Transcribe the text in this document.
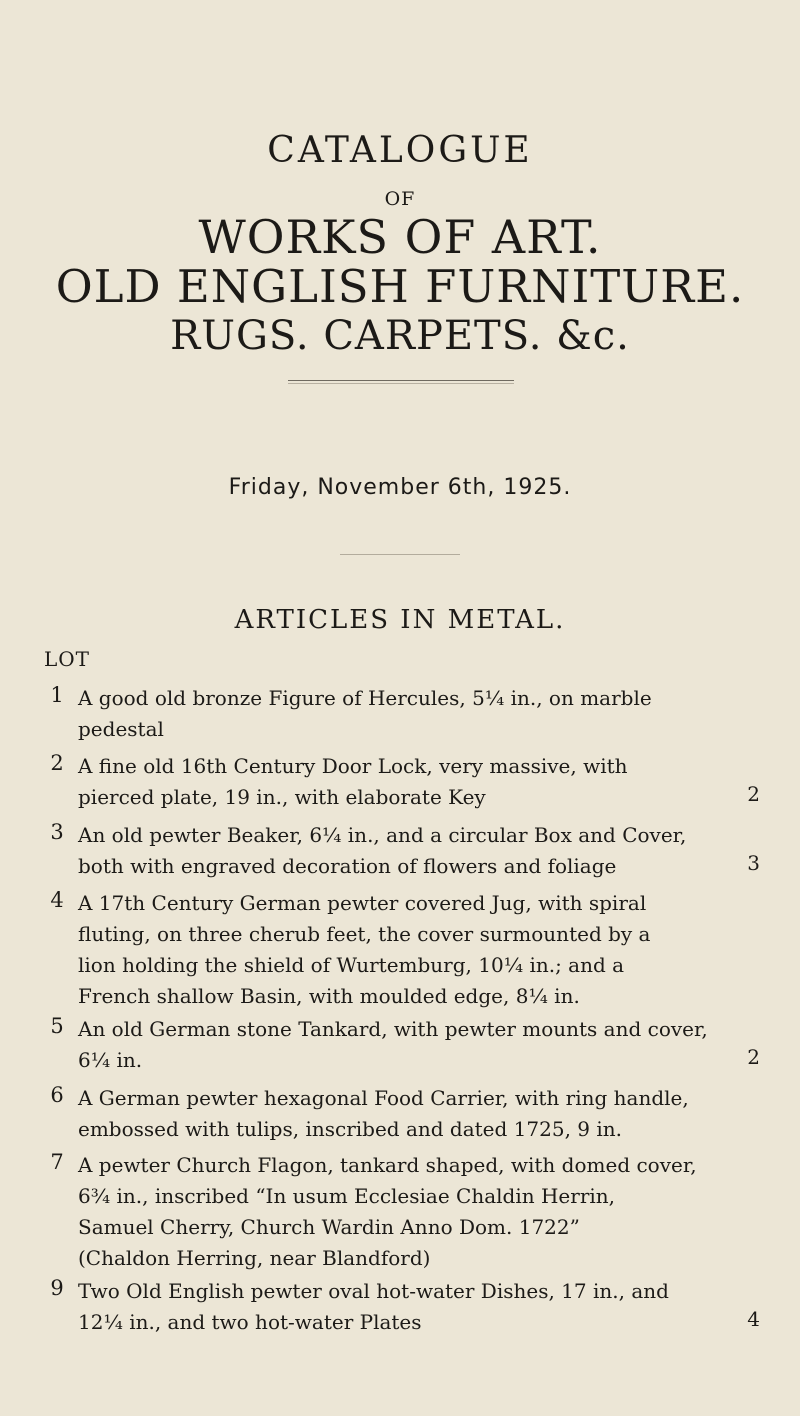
CATALOGUE
OF
WORKS OF ART.
OLD ENGLISH FURNITURE.
RUGS. CARPETS. &c.
Friday, November 6th, 1925.
ARTICLES IN METAL.
LOT
1 A good old bronze Figure of Hercules, 5¼ in., on marble
pedestal
2 A fine old 16th Century Door Lock, very massive, with
pierced plate, 19 in., with elaborate Key	2
3 An old pewter Beaker, 6¼ in., and a circular Box and Cover,
both with engraved decoration of flowers and foliage	3
4 A 17th Century German pewter covered Jug, with spiral
fluting, on three cherub feet, the cover surmounted by a
lion holding the shield of Wurtemburg, 10¼ in.; and a
French shallow Basin, with moulded edge, 8¼ in.
5 An old German stone Tankard, with pewter mounts and cover,
6¼ in.	2
6 A German pewter hexagonal Food Carrier, with ring handle,
embossed with tulips, inscribed and dated 1725, 9 in.
7 A pewter Church Flagon, tankard shaped, with domed cover,
6¾ in., inscribed “In usum Ecclesiae Chaldin Herrin,
Samuel Cherry, Church Wardin Anno Dom. 1722”
(Chaldon Herring, near Blandford)
9 Two Old English pewter oval hot-water Dishes, 17 in., and
12¼ in., and two hot-water Plates	4
